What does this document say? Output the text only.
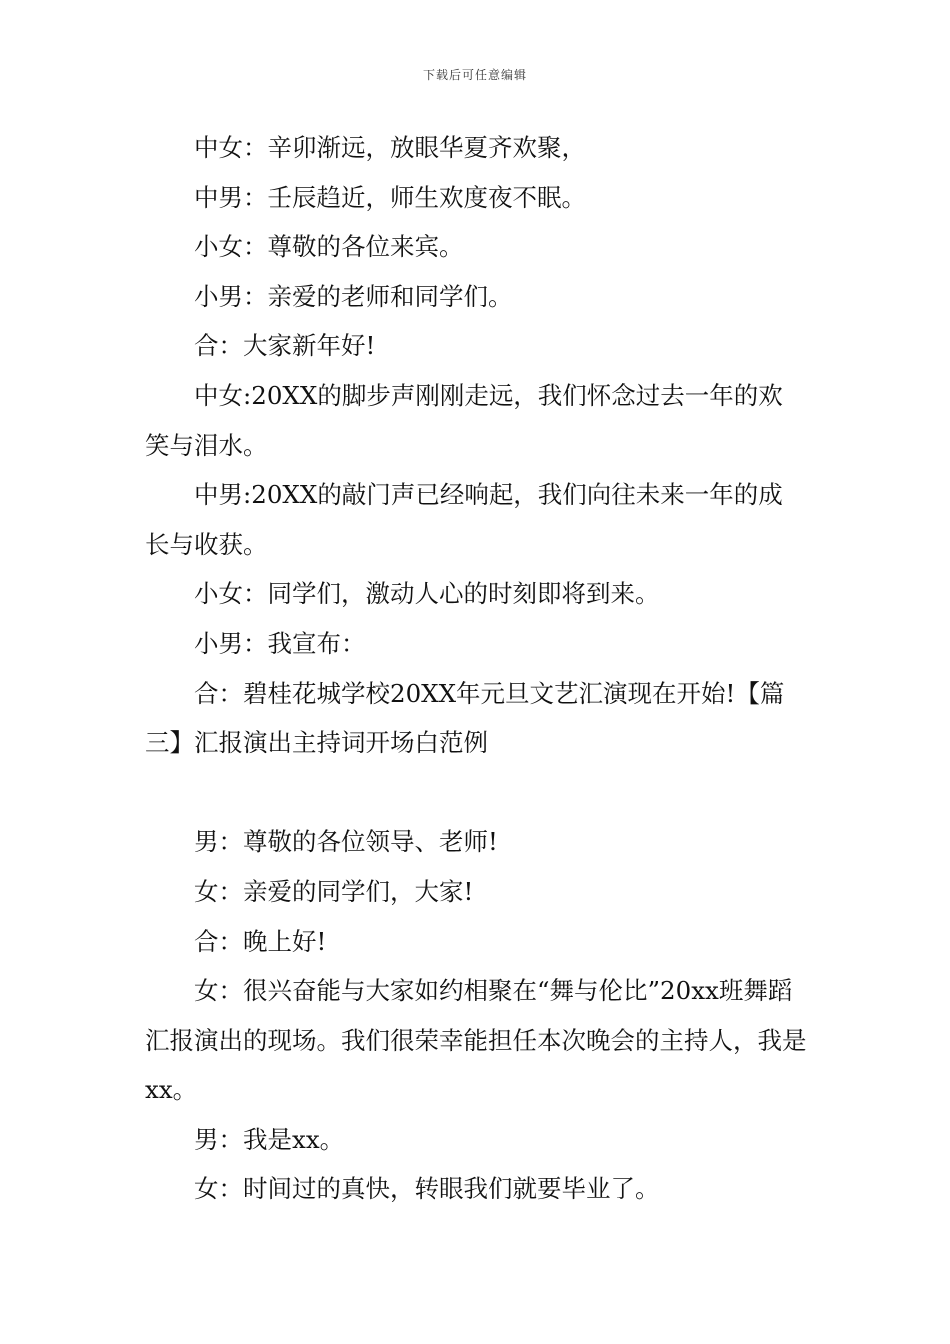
下载后可任意编辑

中女：辛卯渐远，放眼华夏齐欢聚，

中男：壬辰趋近，师生欢度夜不眠。

小女：尊敬的各位来宾。

小男：亲爱的老师和同学们。

合：大家新年好!

中女:20XX的脚步声刚刚走远，我们怀念过去一年的欢笑与泪水。

中男:20XX的敲门声已经响起，我们向往未来一年的成长与收获。

小女：同学们，激动人心的时刻即将到来。

小男：我宣布：

合：碧桂花城学校20XX年元旦文艺汇演现在开始!【篇三】汇报演出主持词开场白范例

男：尊敬的各位领导、老师!

女：亲爱的同学们，大家!

合：晚上好!

女：很兴奋能与大家如约相聚在“舞与伦比”20xx班舞蹈汇报演出的现场。我们很荣幸能担任本次晚会的主持人，我是xx。

男：我是xx。

女：时间过的真快，转眼我们就要毕业了。
